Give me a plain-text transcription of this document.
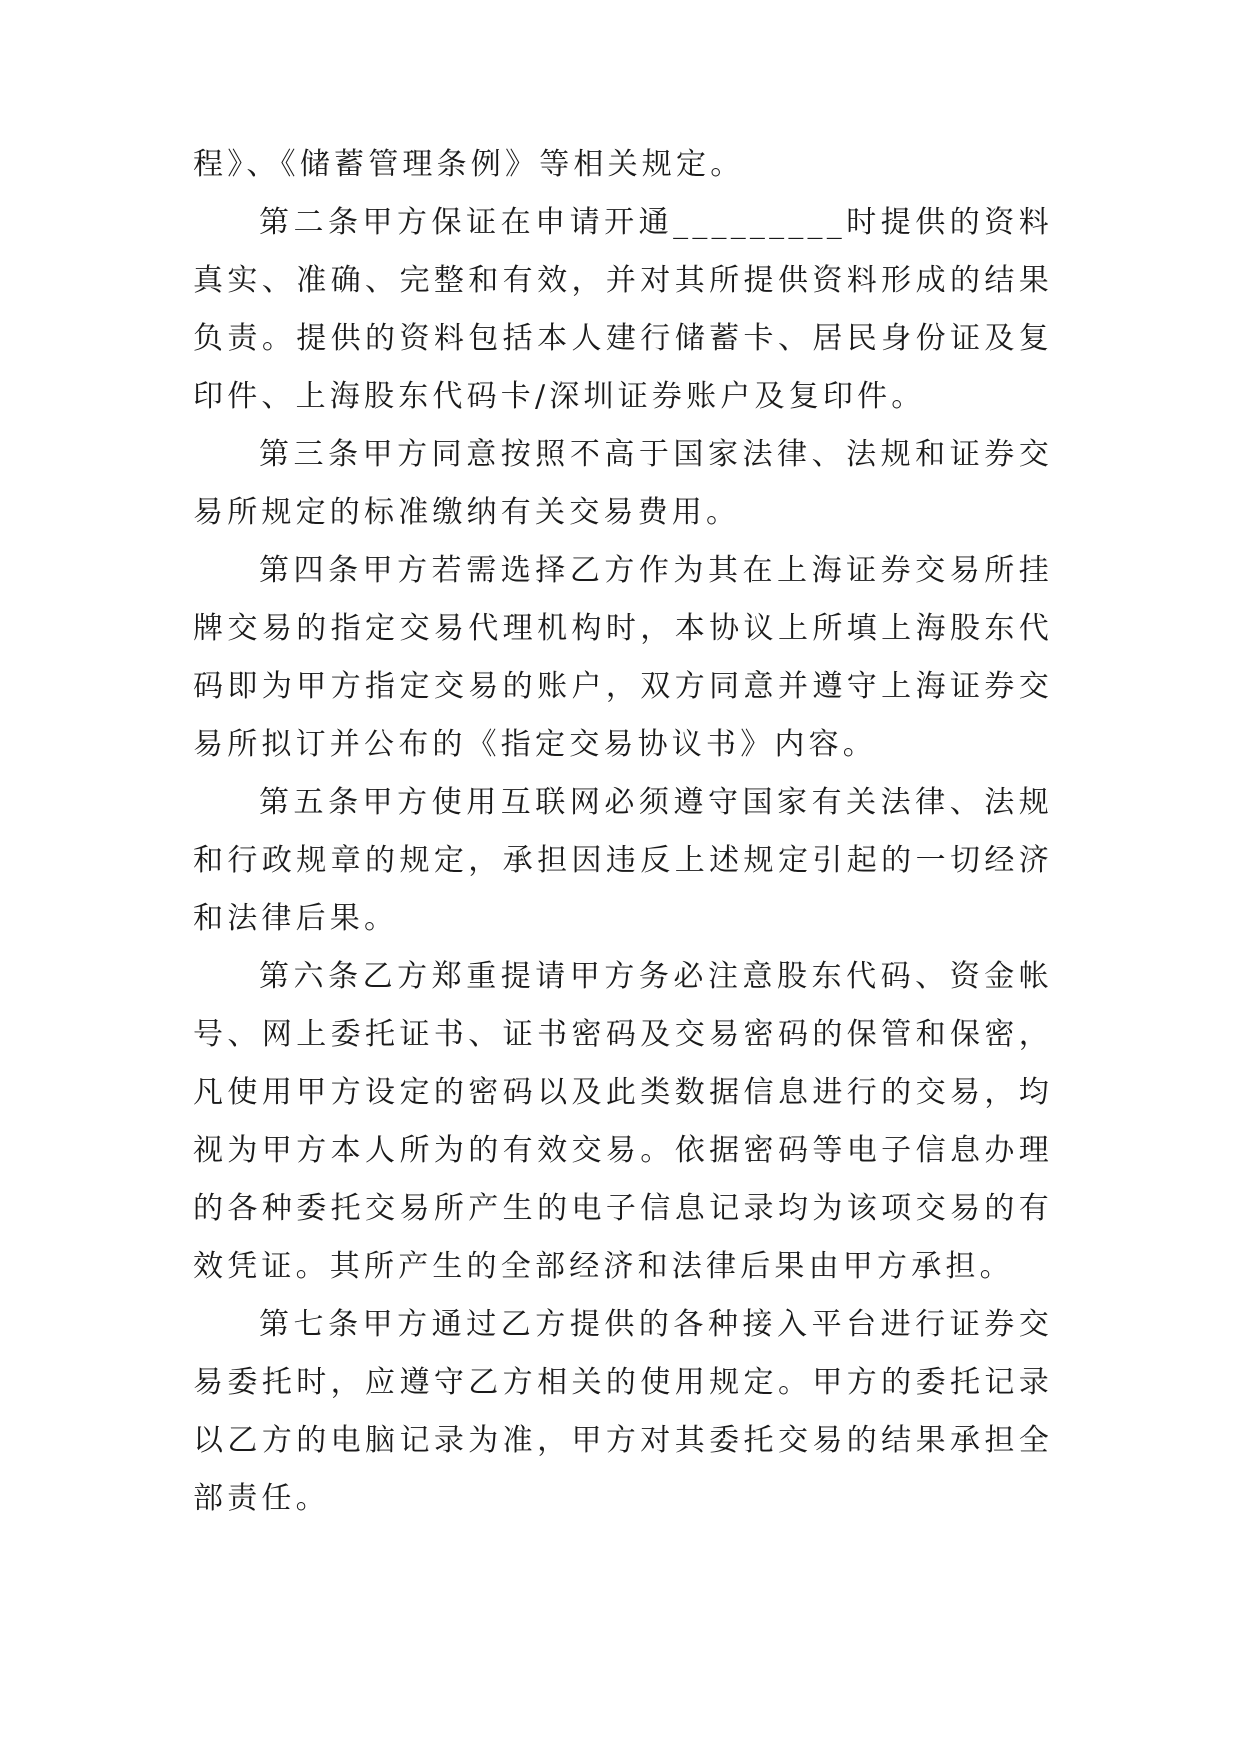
程》、《储蓄管理条例》等相关规定。

第二条甲方保证在申请开通_________时提供的资料真实、准确、完整和有效，并对其所提供资料形成的结果负责。提供的资料包括本人建行储蓄卡、居民身份证及复印件、上海股东代码卡/深圳证券账户及复印件。

第三条甲方同意按照不高于国家法律、法规和证券交易所规定的标准缴纳有关交易费用。

第四条甲方若需选择乙方作为其在上海证券交易所挂牌交易的指定交易代理机构时，本协议上所填上海股东代码即为甲方指定交易的账户，双方同意并遵守上海证券交易所拟订并公布的《指定交易协议书》内容。

第五条甲方使用互联网必须遵守国家有关法律、法规和行政规章的规定，承担因违反上述规定引起的一切经济和法律后果。

第六条乙方郑重提请甲方务必注意股东代码、资金帐号、网上委托证书、证书密码及交易密码的保管和保密，凡使用甲方设定的密码以及此类数据信息进行的交易，均视为甲方本人所为的有效交易。依据密码等电子信息办理的各种委托交易所产生的电子信息记录均为该项交易的有效凭证。其所产生的全部经济和法律后果由甲方承担。

第七条甲方通过乙方提供的各种接入平台进行证券交易委托时，应遵守乙方相关的使用规定。甲方的委托记录以乙方的电脑记录为准，甲方对其委托交易的结果承担全部责任。
